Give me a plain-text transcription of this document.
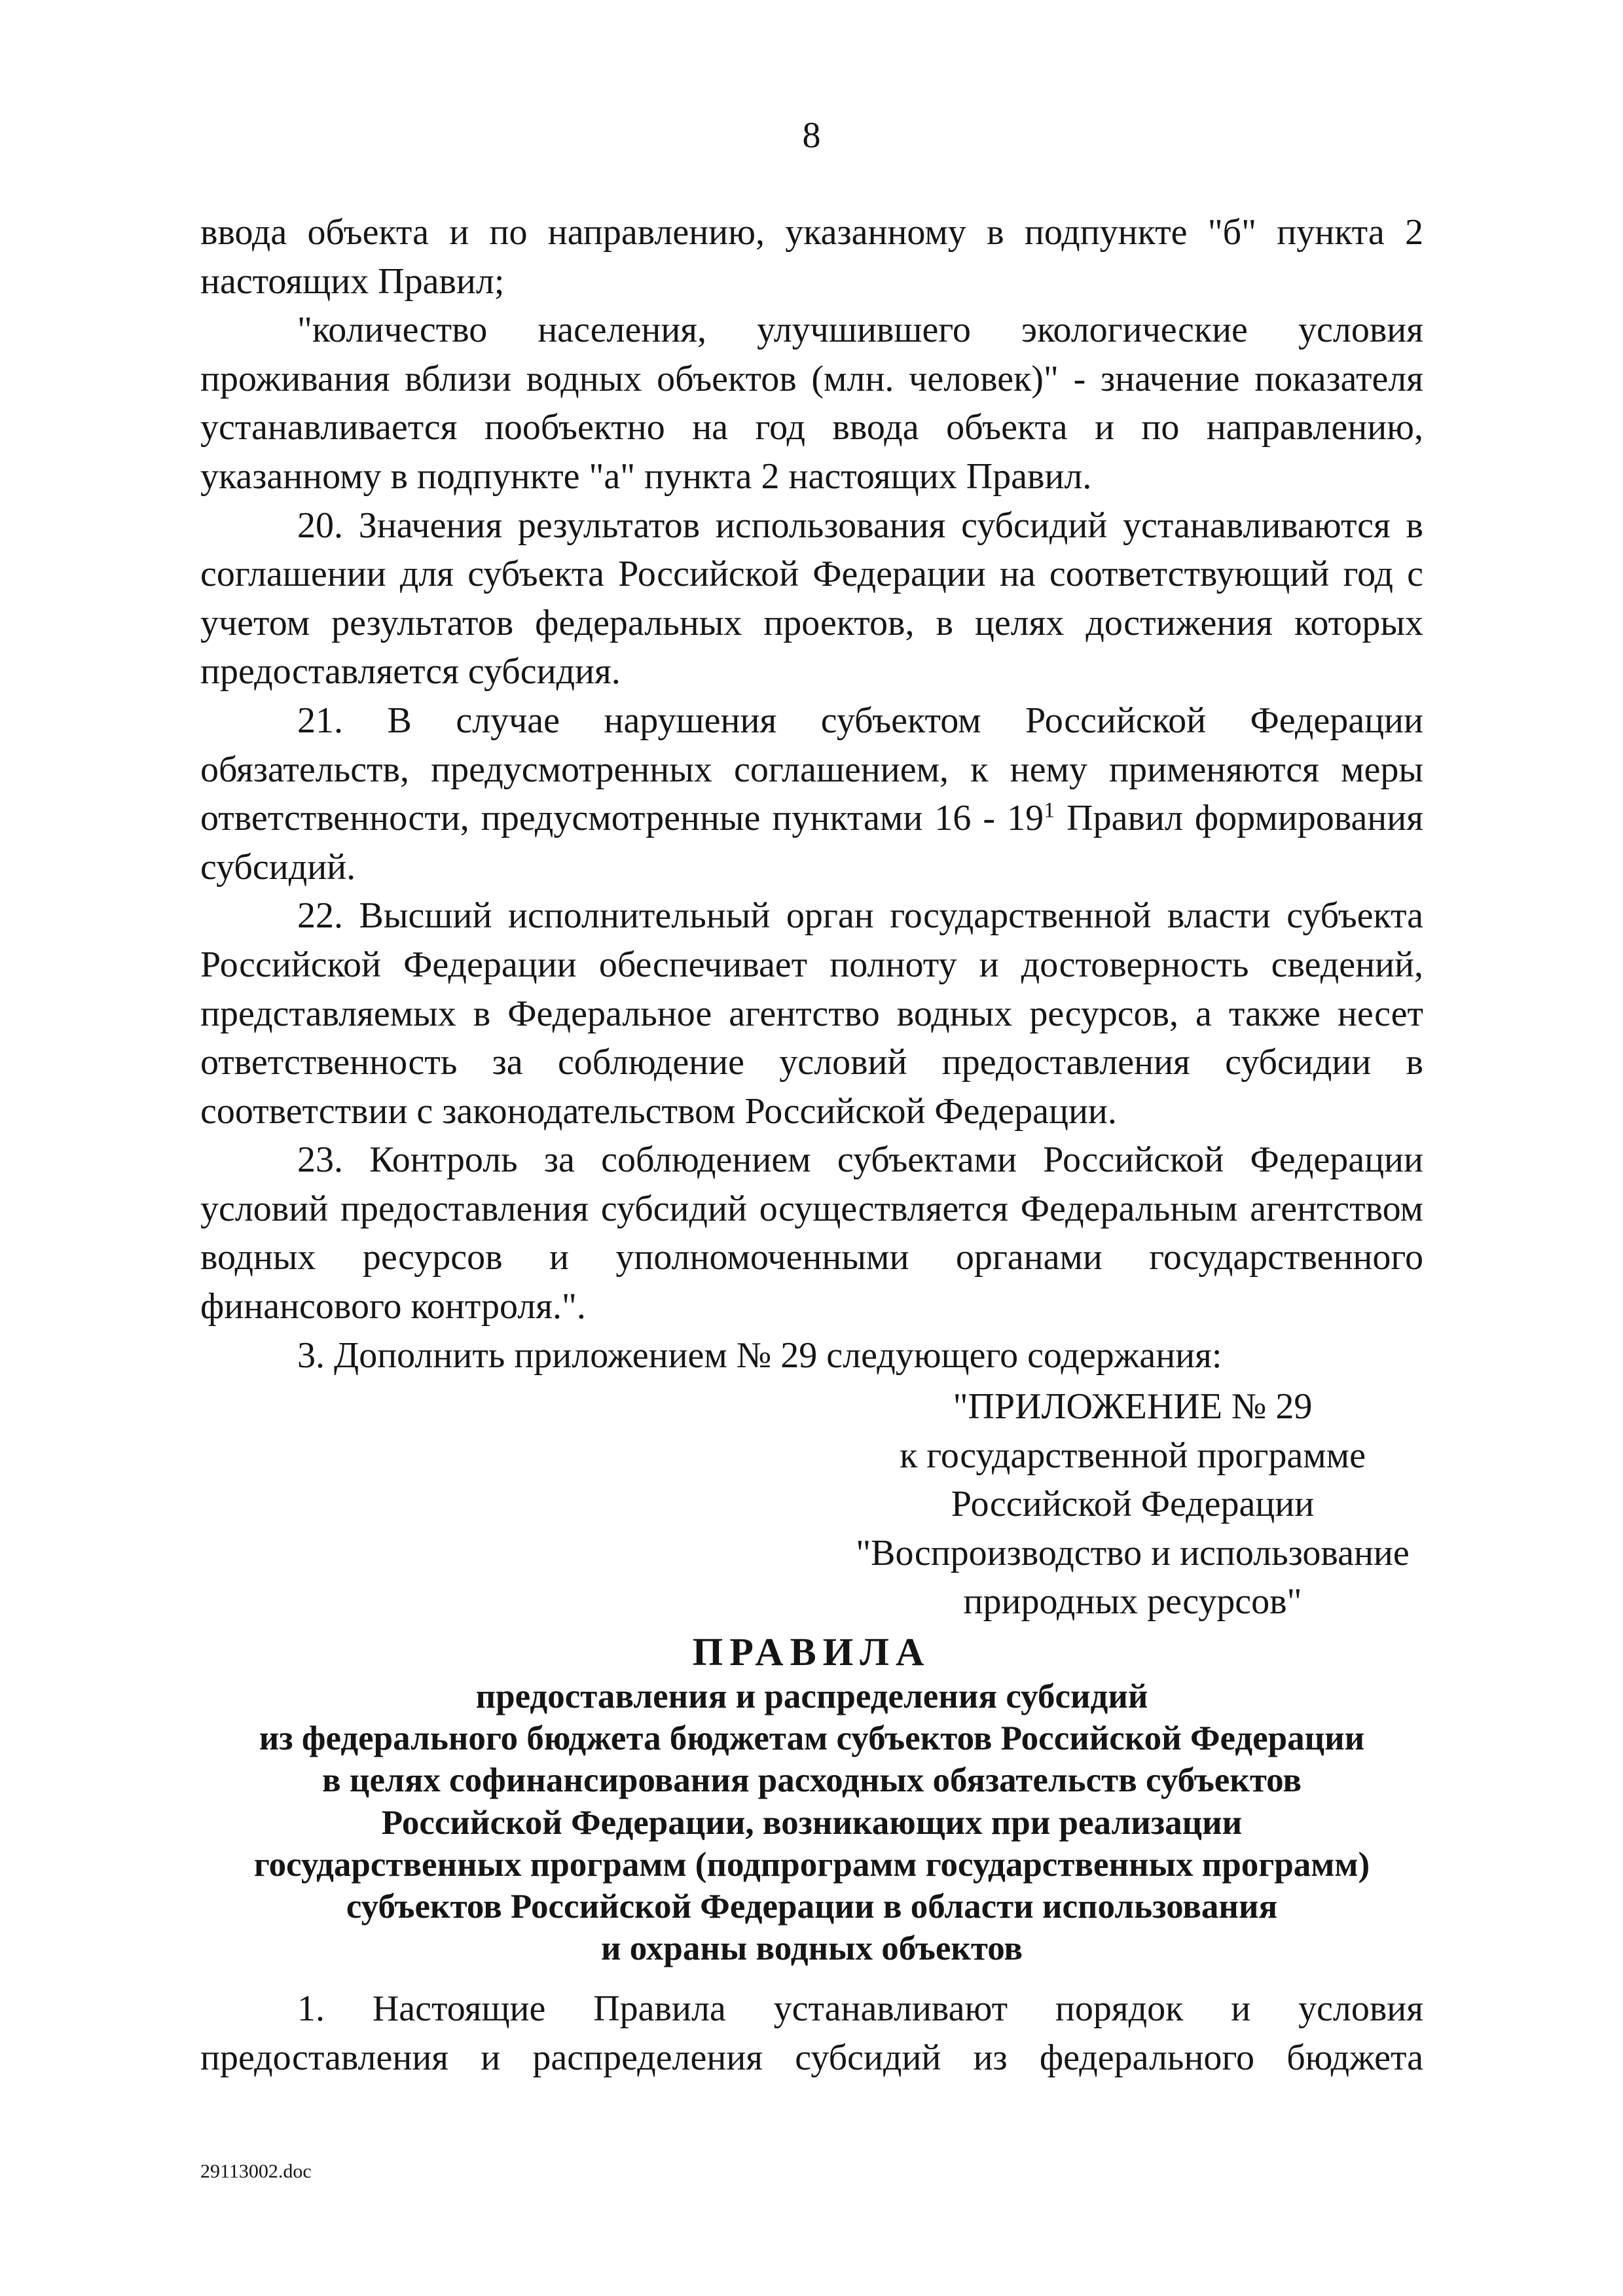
8

ввода объекта и по направлению, указанному в подпункте "б" пункта 2 настоящих Правил;

"количество населения, улучшившего экологические условия проживания вблизи водных объектов (млн. человек)" - значение показателя устанавливается пообъектно на год ввода объекта и по направлению, указанному в подпункте "а" пункта 2 настоящих Правил.

20. Значения результатов использования субсидий устанавливаются в соглашении для субъекта Российской Федерации на соответствующий год с учетом результатов федеральных проектов, в целях достижения которых предоставляется субсидия.

21. В случае нарушения субъектом Российской Федерации обязательств, предусмотренных соглашением, к нему применяются меры ответственности, предусмотренные пунктами $16 - 19^1$ Правил формирования субсидий.

22. Высший исполнительный орган государственной власти субъекта Российской Федерации обеспечивает полноту и достоверность сведений, представляемых в Федеральное агентство водных ресурсов, а также несет ответственность за соблюдение условий предоставления субсидии в соответствии с законодательством Российской Федерации.

23. Контроль за соблюдением субъектами Российской Федерации условий предоставления субсидий осуществляется Федеральным агентством водных ресурсов и уполномоченными органами государственного финансового контроля.".

3. Дополнить приложением № 29 следующего содержания:

"ПРИЛОЖЕНИЕ № 29
к государственной программе
Российской Федерации
"Воспроизводство и использование
природных ресурсов"
ПРАВИЛА
предоставления и распределения субсидий
из федерального бюджета бюджетам субъектов Российской Федерации
в целях софинансирования расходных обязательств субъектов
Российской Федерации, возникающих при реализации
государственных программ (подпрограмм государственных программ)
субъектов Российской Федерации в области использования
и охраны водных объектов

1. Настоящие Правила устанавливают порядок и условия предоставления и распределения субсидий из федерального бюджета

29113002.doc
